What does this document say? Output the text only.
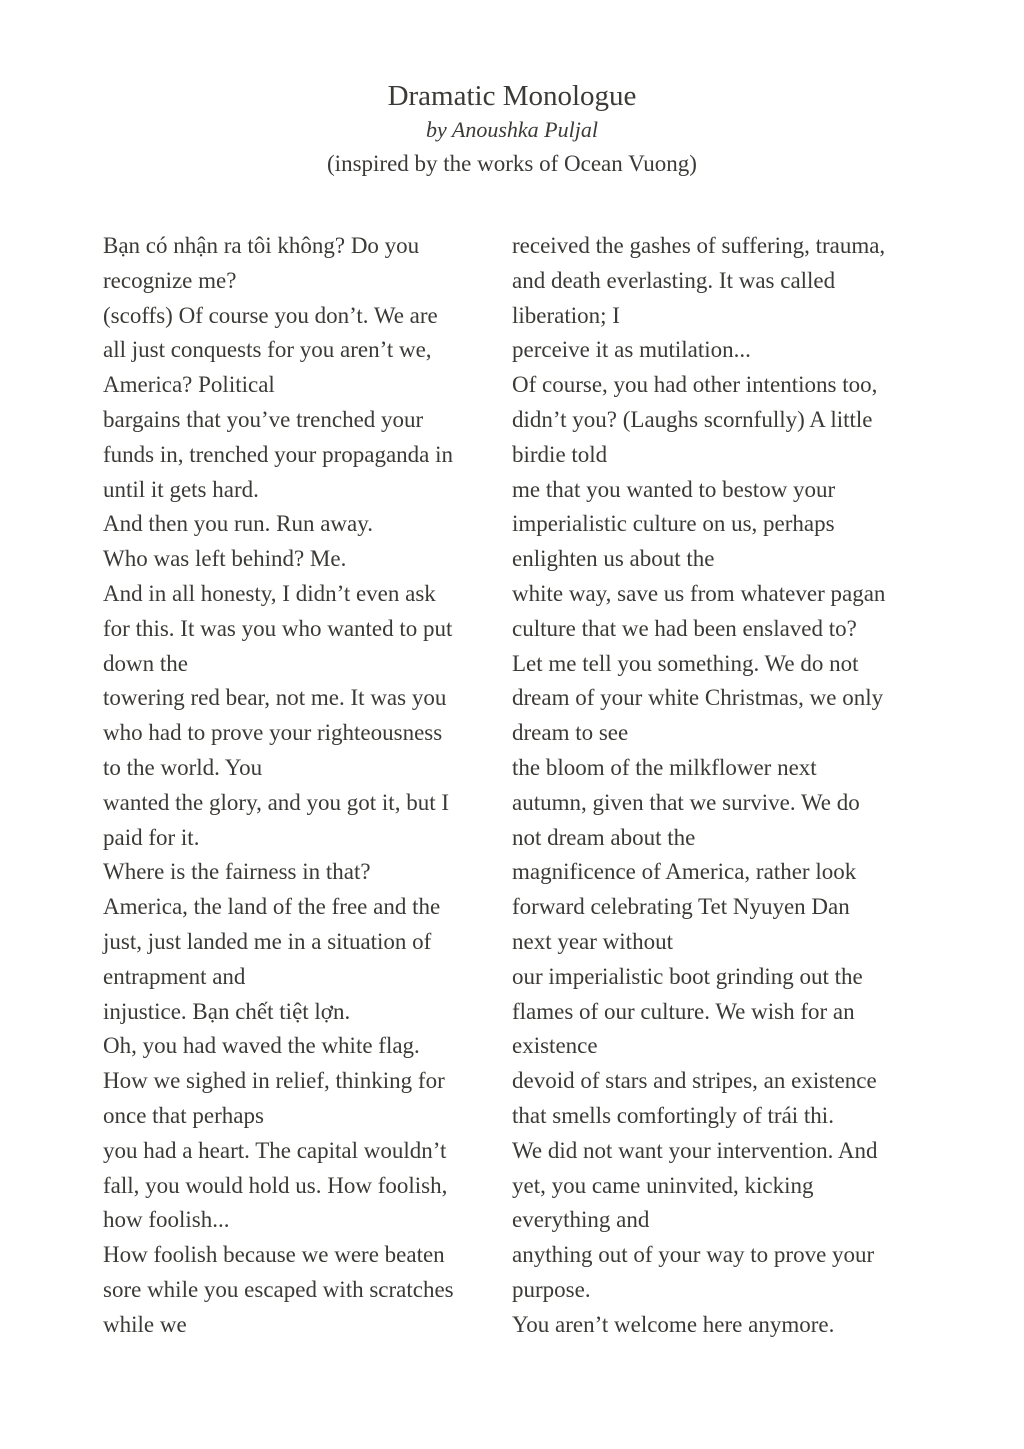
Dramatic Monologue

by Anoushka Puljal

(inspired by the works of Ocean Vuong)

Bạn có nhận ra tôi không? Do you
recognize me?
(scoffs) Of course you don’t. We are
all just conquests for you aren’t we,
America? Political
bargains that you’ve trenched your
funds in, trenched your propaganda in
until it gets hard.
And then you run. Run away.
Who was left behind? Me.
And in all honesty, I didn’t even ask
for this. It was you who wanted to put
down the
towering red bear, not me. It was you
who had to prove your righteousness
to the world. You
wanted the glory, and you got it, but I
paid for it.
Where is the fairness in that?
America, the land of the free and the
just, just landed me in a situation of
entrapment and
injustice. Bạn chết tiệt lợn.
Oh, you had waved the white flag.
How we sighed in relief, thinking for
once that perhaps
you had a heart. The capital wouldn’t
fall, you would hold us. How foolish,
how foolish...
How foolish because we were beaten
sore while you escaped with scratches
while we
received the gashes of suffering, trauma,
and death everlasting. It was called
liberation; I
perceive it as mutilation...
Of course, you had other intentions too,
didn’t you? (Laughs scornfully) A little
birdie told
me that you wanted to bestow your
imperialistic culture on us, perhaps
enlighten us about the
white way, save us from whatever pagan
culture that we had been enslaved to?
Let me tell you something. We do not
dream of your white Christmas, we only
dream to see
the bloom of the milkflower next
autumn, given that we survive. We do
not dream about the
magnificence of America, rather look
forward celebrating Tet Nyuyen Dan
next year without
our imperialistic boot grinding out the
flames of our culture. We wish for an
existence
devoid of stars and stripes, an existence
that smells comfortingly of trái thi.
We did not want your intervention. And
yet, you came uninvited, kicking
everything and
anything out of your way to prove your
purpose.
You aren’t welcome here anymore.
